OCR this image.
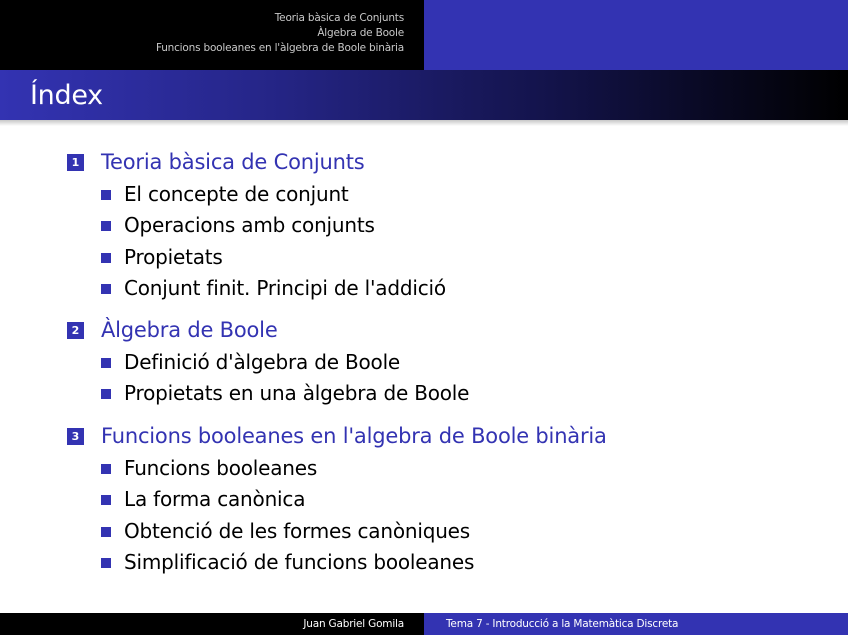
Teoria bàsica de Conjunts
Àlgebra de Boole
Funcions booleanes en l'àlgebra de Boole binària
Índex
1 Teoria bàsica de Conjunts
El concepte de conjunt
Operacions amb conjunts
Propietats
Conjunt finit. Principi de l'addició
2 Àlgebra de Boole
Definició d'àlgebra de Boole
Propietats en una àlgebra de Boole
3 Funcions booleanes en l'algebra de Boole binària
Funcions booleanes
La forma canònica
Obtenció de les formes canòniques
Simplificació de funcions booleanes
Juan Gabriel Gomila	Tema 7 - Introducció a la Matemàtica Discreta
